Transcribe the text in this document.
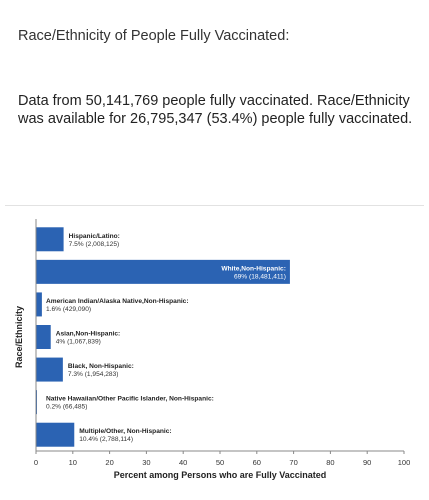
Race/Ethnicity of People Fully Vaccinated:

Data from 50,141,769 people fully vaccinated. Race/Ethnicity was available for 26,795,347 (53.4%) people fully vaccinated.

Hispanic/Latino:
7.5% (2,008,125)
White,Non-Hispanic:
69% (18,481,411)
American Indian/Alaska Native,Non-Hispanic:
1.6% (429,090)
Asian,Non-Hispanic:
4% (1,067,839)
Black, Non-Hispanic:
7.3% (1,954,283)
Native Hawaiian/Other Pacific Islander, Non-Hispanic:
0.2% (66,485)
Multiple/Other, Non-Hispanic:
10.4% (2,788,114)
0	10	20	30	40	50	60	70	80	90	100
Percent among Persons who are Fully Vaccinated
Race/Ethnicity
